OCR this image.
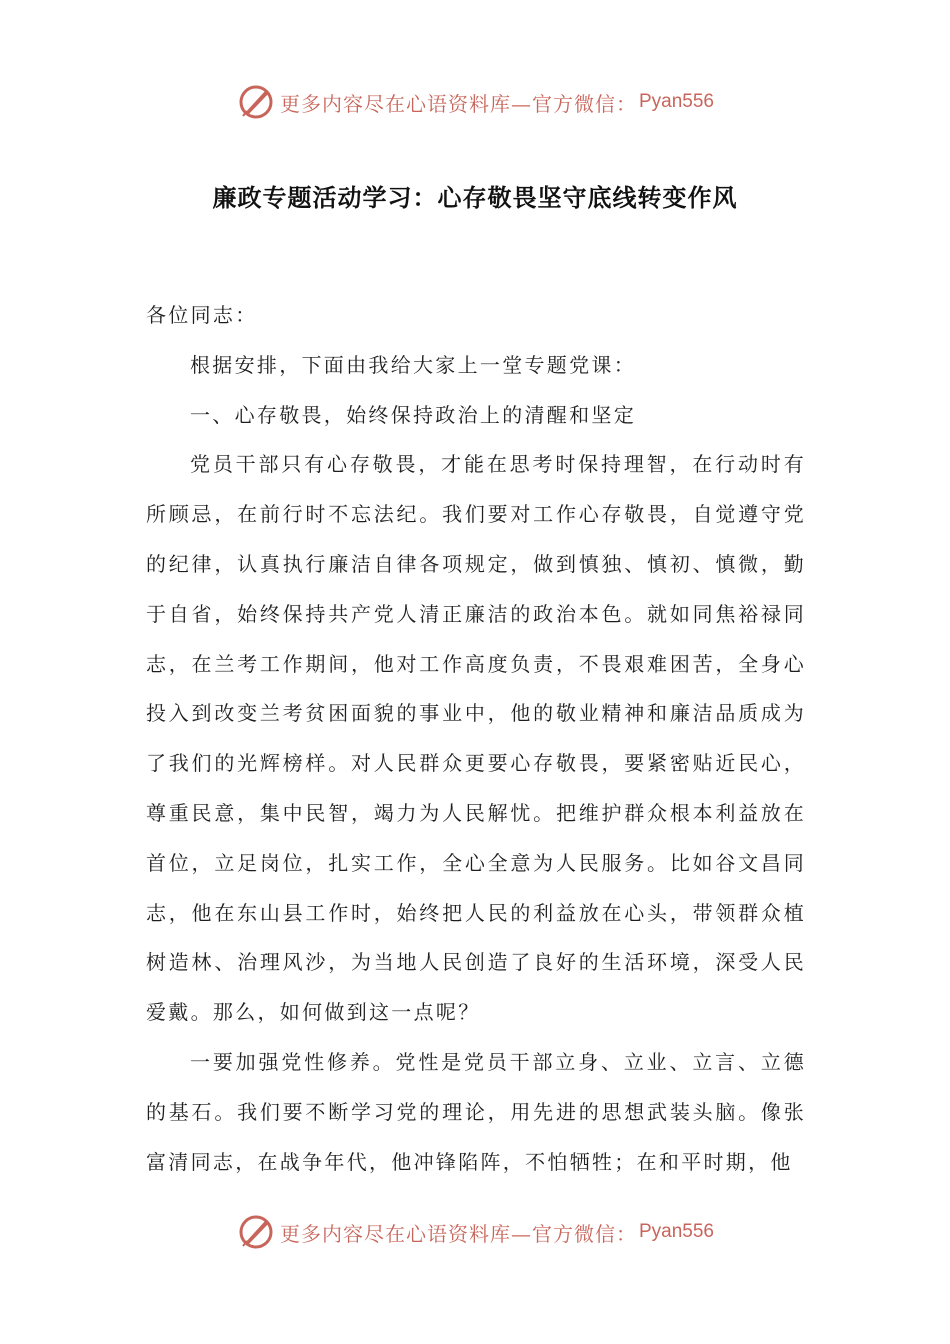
更多内容尽在心语资料库—官方微信： Pyan556
廉政专题活动学习：心存敬畏坚守底线转变作风

各位同志：

根据安排，下面由我给大家上一堂专题党课：

一、心存敬畏，始终保持政治上的清醒和坚定

党员干部只有心存敬畏，才能在思考时保持理智，在行动时有所顾忌，在前行时不忘法纪。我们要对工作心存敬畏，自觉遵守党的纪律，认真执行廉洁自律各项规定，做到慎独、慎初、慎微，勤于自省，始终保持共产党人清正廉洁的政治本色。就如同焦裕禄同志，在兰考工作期间，他对工作高度负责，不畏艰难困苦，全身心投入到改变兰考贫困面貌的事业中，他的敬业精神和廉洁品质成为了我们的光辉榜样。对人民群众更要心存敬畏，要紧密贴近民心，尊重民意，集中民智，竭力为人民解忧。把维护群众根本利益放在首位，立足岗位，扎实工作，全心全意为人民服务。比如谷文昌同志，他在东山县工作时，始终把人民的利益放在心头，带领群众植树造林、治理风沙，为当地人民创造了良好的生活环境，深受人民爱戴。那么，如何做到这一点呢？

一要加强党性修养。党性是党员干部立身、立业、立言、立德的基石。我们要不断学习党的理论，用先进的思想武装头脑。像张富清同志，在战争年代，他冲锋陷阵，不怕牺牲；在和平时期，他

更多内容尽在心语资料库—官方微信： Pyan556
